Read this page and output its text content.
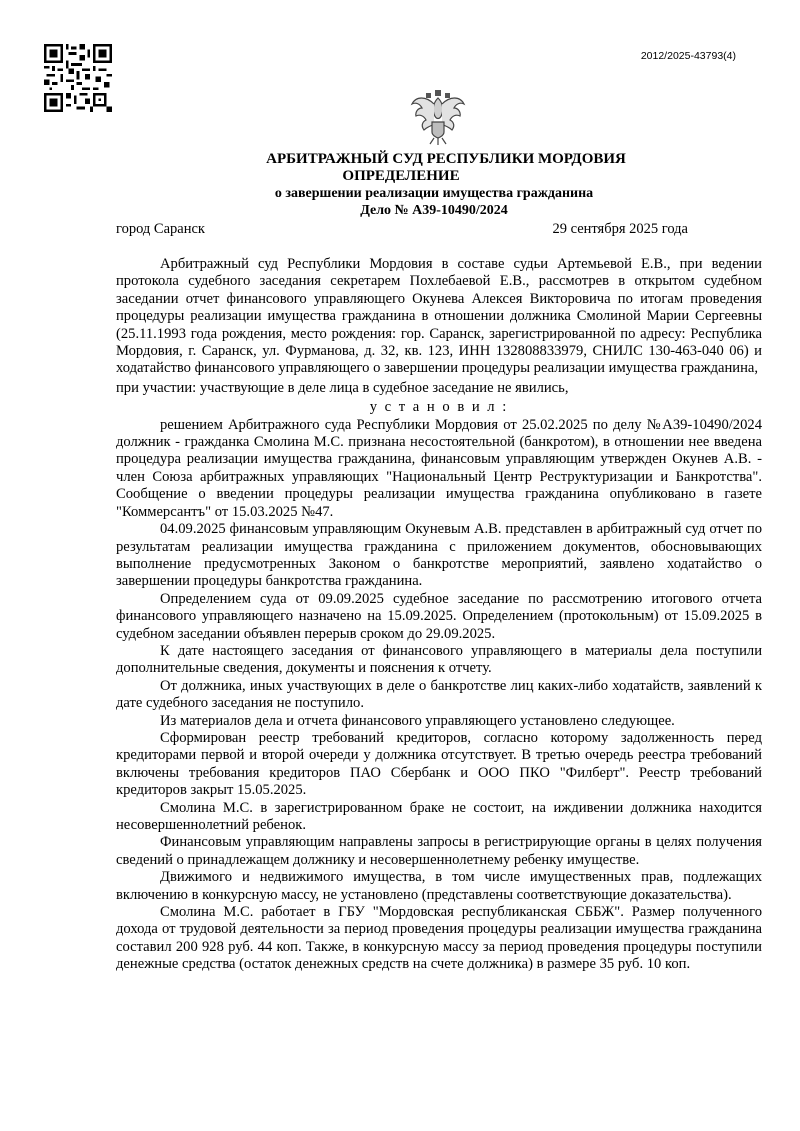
2012/2025-43793(4)
АРБИТРАЖНЫЙ СУД РЕСПУБЛИКИ МОРДОВИЯ
ОПРЕДЕЛЕНИЕ
о завершении реализации имущества гражданина
Дело № А39-10490/2024
город Саранск	29 сентября 2025 года

Арбитражный суд Республики Мордовия в составе судьи Артемьевой Е.В., при ведении протокола судебного заседания секретарем Похлебаевой Е.В., рассмотрев в открытом судебном заседании отчет финансового управляющего Окунева Алексея Викторовича по итогам проведения процедуры реализации имущества гражданина в отношении должника Смолиной Марии Сергеевны (25.11.1993 года рождения, место рождения: гор. Саранск, зарегистрированной по адресу: Республика Мордовия, г. Саранск, ул. Фурманова, д. 32, кв. 123, ИНН 132808833979, СНИЛС 130-463-040 06) и ходатайство финансового управляющего о завершении процедуры реализации имущества гражданина,

при участии: участвующие в деле лица в судебное заседание не явились,

у с т а н о в и л :

решением Арбитражного суда Республики Мордовия от 25.02.2025 по делу №А39-10490/2024 должник - гражданка Смолина М.С. признана несостоятельной (банкротом), в отношении нее введена процедура реализации имущества гражданина, финансовым управляющим утвержден Окунев А.В. - член Союза арбитражных управляющих "Национальный Центр Реструктуризации и Банкротства". Сообщение о введении процедуры реализации имущества гражданина опубликовано в газете "Коммерсантъ" от 15.03.2025 №47.

04.09.2025 финансовым управляющим Окуневым А.В. представлен в арбитражный суд отчет по результатам реализации имущества гражданина с приложением документов, обосновывающих выполнение предусмотренных Законом о банкротстве мероприятий, заявлено ходатайство о завершении процедуры банкротства гражданина.

Определением суда от 09.09.2025 судебное заседание по рассмотрению итогового отчета финансового управляющего назначено на 15.09.2025. Определением (протокольным) от 15.09.2025 в судебном заседании объявлен перерыв сроком до 29.09.2025.

К дате настоящего заседания от финансового управляющего в материалы дела поступили дополнительные сведения, документы и пояснения к отчету.

От должника, иных участвующих в деле о банкротстве лиц каких-либо ходатайств, заявлений к дате судебного заседания не поступило.

Из материалов дела и отчета финансового управляющего установлено следующее.

Сформирован реестр требований кредиторов, согласно которому задолженность перед кредиторами первой и второй очереди у должника отсутствует. В третью очередь реестра требований включены требования кредиторов ПАО Сбербанк и ООО ПКО "Филберт". Реестр требований кредиторов закрыт 15.05.2025.

Смолина М.С. в зарегистрированном браке не состоит, на иждивении должника находится несовершеннолетний ребенок.

Финансовым управляющим направлены запросы в регистрирующие органы в целях получения сведений о принадлежащем должнику и несовершеннолетнему ребенку имуществе.

Движимого и недвижимого имущества, в том числе имущественных прав, подлежащих включению в конкурсную массу, не установлено (представлены соответствующие доказательства).

Смолина М.С. работает в ГБУ "Мордовская республиканская СББЖ". Размер полученного дохода от трудовой деятельности за период проведения процедуры реализации имущества гражданина составил 200 928 руб. 44 коп. Также, в конкурсную массу за период проведения процедуры поступили денежные средства (остаток денежных средств на счете должника) в размере 35 руб. 10 коп.
